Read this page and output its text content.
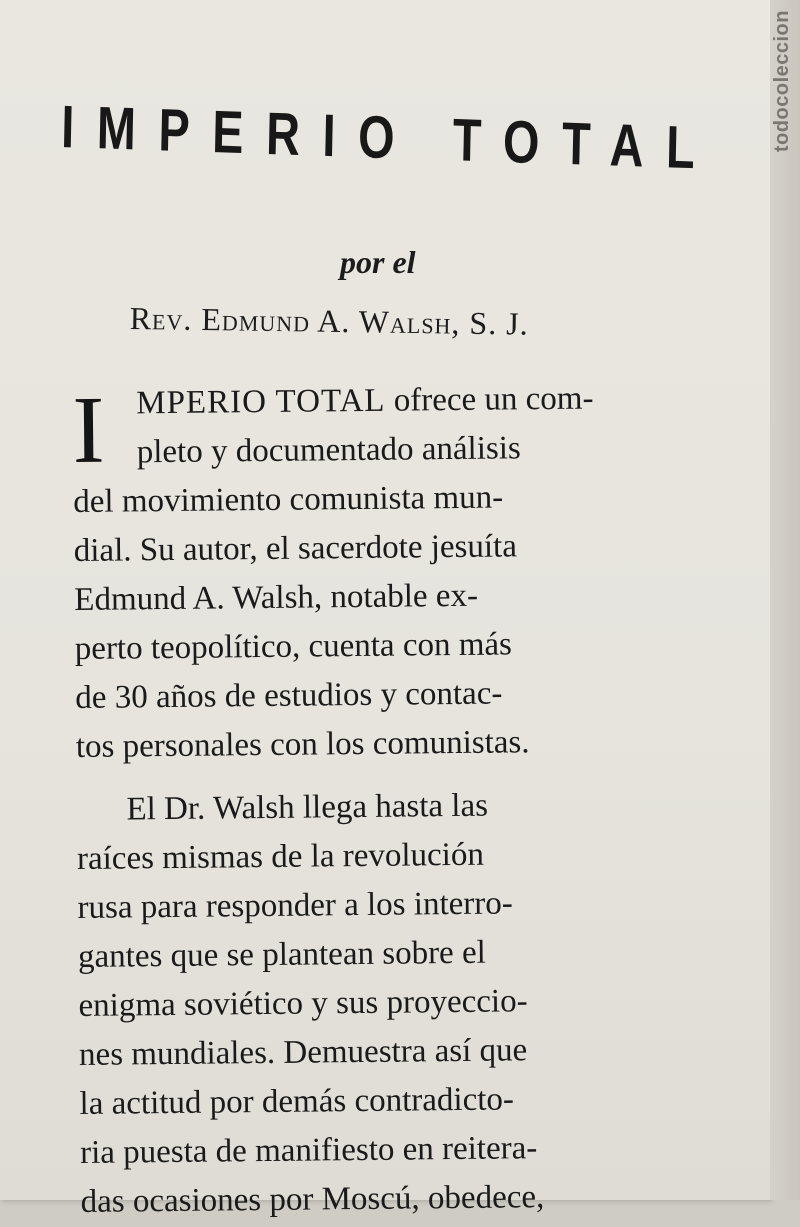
IMPERIO TOTAL
por el
Rev. Edmund A. Walsh, S. J.
I MPERIO TOTAL ofrece un com-
pleto y documentado análisis
del movimiento comunista mun-
dial. Su autor, el sacerdote jesuíta
Edmund A. Walsh, notable ex-
perto teopolítico, cuenta con más
de 30 años de estudios y contac-
tos personales con los comunistas.
El Dr. Walsh llega hasta las
raíces mismas de la revolución
rusa para responder a los interro-
gantes que se plantean sobre el
enigma soviético y sus proyeccio-
nes mundiales. Demuestra así que
la actitud por demás contradicto-
ria puesta de manifiesto en reitera-
das ocasiones por Moscú, obedece,
todocoleccion
